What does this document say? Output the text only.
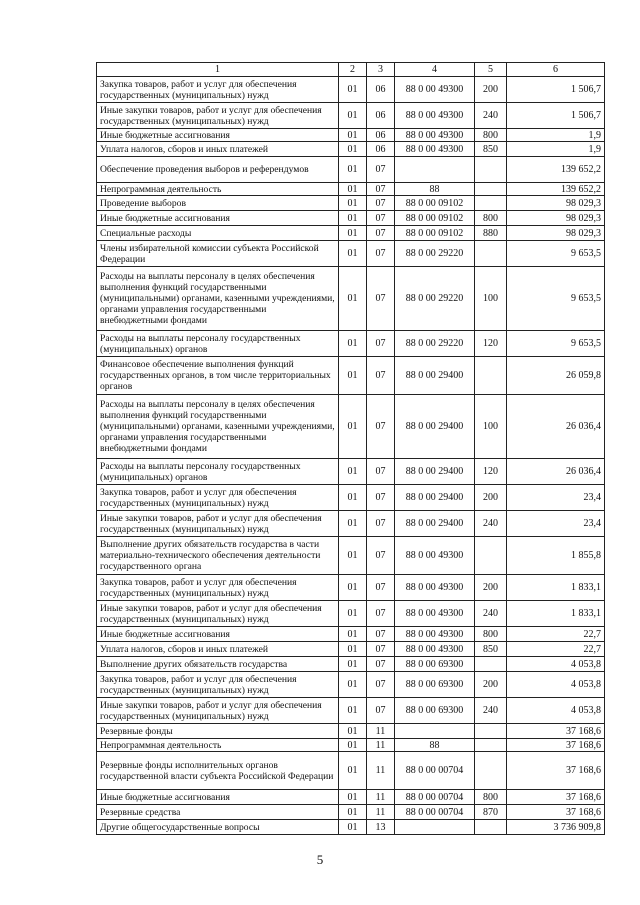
1	2	3	4	5	6
Закупка товаров, работ и услуг для обеспечения государственных (муниципальных) нужд	01	06	88 0 00 49300	200	1 506,7
Иные закупки товаров, работ и услуг для обеспечения государственных (муниципальных) нужд	01	06	88 0 00 49300	240	1 506,7
Иные бюджетные ассигнования	01	06	88 0 00 49300	800	1,9
Уплата налогов, сборов и иных платежей	01	06	88 0 00 49300	850	1,9
Обеспечение проведения выборов и референдумов	01	07			139 652,2
Непрограммная деятельность	01	07	88		139 652,2
Проведение выборов	01	07	88 0 00 09102		98 029,3
Иные бюджетные ассигнования	01	07	88 0 00 09102	800	98 029,3
Специальные расходы	01	07	88 0 00 09102	880	98 029,3
Члены избирательной комиссии субъекта Российской Федерации	01	07	88 0 00 29220		9 653,5
Расходы на выплаты персоналу в целях обеспечения выполнения функций государственными (муниципальными) органами, казенными учреждениями, органами управления государственными внебюджетными фондами	01	07	88 0 00 29220	100	9 653,5
Расходы на выплаты персоналу государственных (муниципальных) органов	01	07	88 0 00 29220	120	9 653,5
Финансовое обеспечение выполнения функций государственных органов, в том числе территориальных органов	01	07	88 0 00 29400		26 059,8
Расходы на выплаты персоналу в целях обеспечения выполнения функций государственными (муниципальными) органами, казенными учреждениями, органами управления государственными внебюджетными фондами	01	07	88 0 00 29400	100	26 036,4
Расходы на выплаты персоналу государственных (муниципальных) органов	01	07	88 0 00 29400	120	26 036,4
Закупка товаров, работ и услуг для обеспечения государственных (муниципальных) нужд	01	07	88 0 00 29400	200	23,4
Иные закупки товаров, работ и услуг для обеспечения государственных (муниципальных) нужд	01	07	88 0 00 29400	240	23,4
Выполнение других обязательств государства в части материально-технического обеспечения деятельности государственного органа	01	07	88 0 00 49300		1 855,8
Закупка товаров, работ и услуг для обеспечения государственных (муниципальных) нужд	01	07	88 0 00 49300	200	1 833,1
Иные закупки товаров, работ и услуг для обеспечения государственных (муниципальных) нужд	01	07	88 0 00 49300	240	1 833,1
Иные бюджетные ассигнования	01	07	88 0 00 49300	800	22,7
Уплата налогов, сборов и иных платежей	01	07	88 0 00 49300	850	22,7
Выполнение других обязательств государства	01	07	88 0 00 69300		4 053,8
Закупка товаров, работ и услуг для обеспечения государственных (муниципальных) нужд	01	07	88 0 00 69300	200	4 053,8
Иные закупки товаров, работ и услуг для обеспечения государственных (муниципальных) нужд	01	07	88 0 00 69300	240	4 053,8
Резервные фонды	01	11			37 168,6
Непрограммная деятельность	01	11	88		37 168,6
Резервные фонды исполнительных органов государственной власти субъекта Российской Федерации	01	11	88 0 00 00704		37 168,6
Иные бюджетные ассигнования	01	11	88 0 00 00704	800	37 168,6
Резервные средства	01	11	88 0 00 00704	870	37 168,6
Другие общегосударственные вопросы	01	13			3 736 909,8
5
